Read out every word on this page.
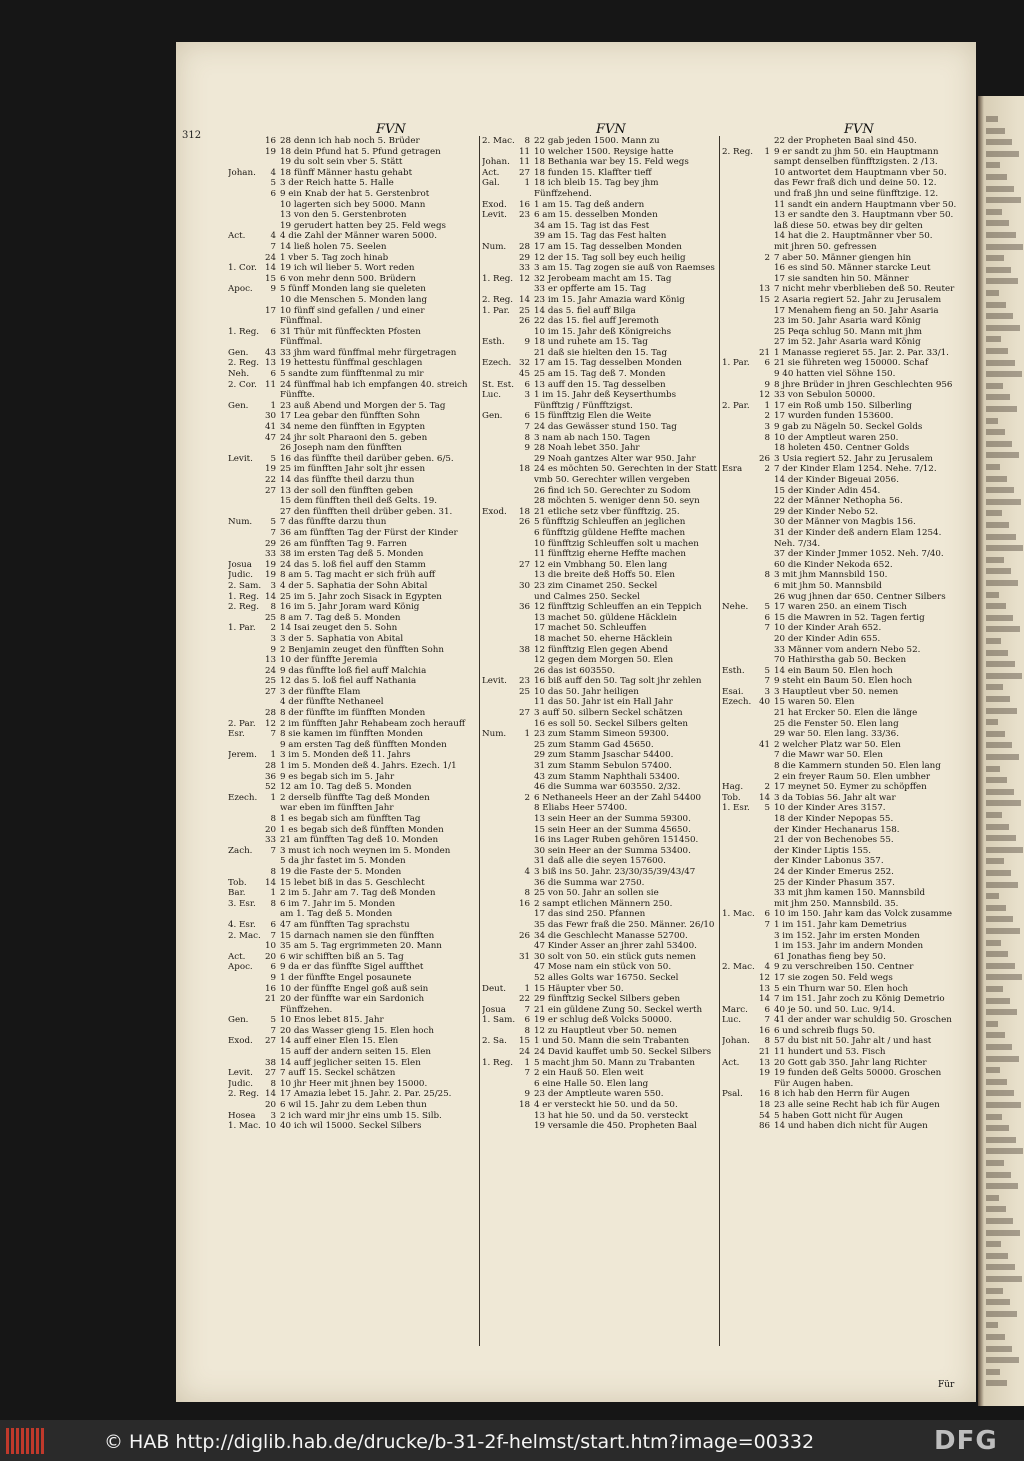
312	FVN	FVN	FVN
16 28 denn ich hab noch 5. Brüder
19 18 dein Pfund hat 5. Pfund getragen
19 du solt sein vber 5. Stätt
Johan.	4 18 fünff Männer hastu gehabt
5 3 der Reich hatte 5. Halle
6 9 ein Knab der hat 5. Gerstenbrot
10 lagerten sich bey 5000. Mann
13 von den 5. Gerstenbroten
19 gerudert hatten bey 25. Feld wegs
Act.	4 4 die Zahl der Männer waren 5000.
7 14 ließ holen 75. Seelen
24 1 vber 5. Tag zoch hinab
1. Cor. 14 19 ich wil lieber 5. Wort reden
15 6 von mehr denn 500. Brüdern
Apoc.	9 5 fünff Monden lang sie queleten
10 die Menschen 5. Monden lang
17 10 fünff sind gefallen / und einer
Fünffmal.
1. Reg.	6 31 Thür mit fünffeckten Pfosten
Fünffmal.
Gen.	43 33 jhm ward fünffmal mehr fürgetragen
2. Reg. 13 19 hettestu fünffmal geschlagen
Neh.	6 5 sandte zum fünfftenmal zu mir
2. Cor. 11 24 fünffmal hab ich empfangen 40. streich
Fünffte.
Gen.	1 23 auß Abend und Morgen der 5. Tag
30 17 Lea gebar den fünfften Sohn
41 34 neme den fünfften in Egypten
47 24 jhr solt Pharaoni den 5. geben
26 Joseph nam den fünfften
Levit.	5 16 das fünffte theil darüber geben. 6/5.
19 25 im fünfften Jahr solt jhr essen
22 14 das fünffte theil darzu thun
27 13 der soll den fünfften geben
15 dem fünfften theil deß Gelts. 19.
27 den fünfften theil drüber geben. 31.
Num.	5 7 das fünffte darzu thun
7 36 am fünfften Tag der Fürst der Kinder
29 26 am fünfften Tag 9. Farren
33 38 im ersten Tag deß 5. Monden
Josua	19 24 das 5. loß fiel auff den Stamm
Judic.	19 8 am 5. Tag macht er sich früh auff
2. Sam.	3 4 der 5. Saphatia der Sohn Abital
1. Reg. 14 25 im 5. Jahr zoch Sisack in Egypten
2. Reg.	8 16 im 5. Jahr Joram ward König
25 8 am 7. Tag deß 5. Monden
1. Par.	2 14 Isai zeuget den 5. Sohn
3 3 der 5. Saphatia von Abital
9 2 Benjamin zeuget den fünfften Sohn
13 10 der fünffte Jeremia
24 9 das fünffte loß fiel auff Malchia
25 12 das 5. loß fiel auff Nathania
27 3 der fünffte Elam
4 der fünffte Nethaneel
28 8 der fünffte im fünfften Monden
2. Par.	12 2 im fünfften Jahr Rehabeam zoch herauff
Esr.	7 8 sie kamen im fünfften Monden
9 am ersten Tag deß fünfften Monden
Jerem.	1 3 im 5. Monden deß 11. Jahrs
28 1 im 5. Monden deß 4. Jahrs. Ezech. 1/1
36 9 es begab sich im 5. Jahr
52 12 am 10. Tag deß 5. Monden
Ezech.	1 2 derselb fünffte Tag deß Monden
war eben im fünfften Jahr
8 1 es begab sich am fünfften Tag
20 1 es begab sich deß fünfften Monden
33 21 am fünfften Tag deß 10. Monden
Zach.	7 3 must ich noch weynen im 5. Monden
5 da jhr fastet im 5. Monden
8 19 die Faste der 5. Monden
Tob.	14 15 lebet biß in das 5. Geschlecht
Bar.	1 2 im 5. Jahr am 7. Tag deß Monden
3. Esr.	8 6 im 7. Jahr im 5. Monden
am 1. Tag deß 5. Monden
4. Esr.	6 47 am fünfften Tag sprachstu
2. Mac.	7 15 darnach namen sie den fünfften
10 35 am 5. Tag ergrimmeten 20. Mann
Act.	20 6 wir schifften biß an 5. Tag
Apoc.	6 9 da er das fünffte Sigel auffthet
9 1 der fünffte Engel posaunete
16 10 der fünffte Engel goß auß sein
21 20 der fünffte war ein Sardonich
Fünffzehen.
Gen.	5 10 Enos lebet 815. Jahr
7 20 das Wasser gieng 15. Elen hoch
Exod.	27 14 auff einer Elen 15. Elen
15 auff der andern seiten 15. Elen
38 14 auff jeglicher seiten 15. Elen
Levit.	27 7 auff 15. Seckel schätzen
Judic.	8 10 jhr Heer mit jhnen bey 15000.
2. Reg. 14 17 Amazia lebet 15. Jahr. 2. Par. 25/25.
20 6 wil 15. Jahr zu dem Leben thun
Hosea	3 2 ich ward mir jhr eins umb 15. Silb.
1. Mac. 10 40 ich wil 15000. Seckel Silbers
2. Mac.	8 22 gab jeden 1500. Mann zu
11 10 welcher 1500. Reysige hatte
Johan.	11 18 Bethania war bey 15. Feld wegs
Act.	27 18 funden 15. Klaffter tieff
Gal.	1 18 ich bleib 15. Tag bey jhm
Fünffzehend.
Exod.	16 1 am 15. Tag deß andern
Levit.	23 6 am 15. desselben Monden
34 am 15. Tag ist das Fest
39 am 15. Tag das Fest halten
Num.	28 17 am 15. Tag desselben Monden
29 12 der 15. Tag soll bey euch heilig
33 3 am 15. Tag zogen sie auß von Raemses
1. Reg. 12 32 Jerobeam macht am 15. Tag
33 er opfferte am 15. Tag
2. Reg. 14 23 im 15. Jahr Amazia ward König
1. Par.	25 14 das 5. fiel auff Bilga
26 22 das 15. fiel auff Jeremoth
10 im 15. Jahr deß Königreichs
Esth.	9 18 und ruhete am 15. Tag
21 daß sie hielten den 15. Tag
Ezech. 32 17 am 15. Tag desselben Monden
45 25 am 15. Tag deß 7. Monden
St. Est.	6 13 auff den 15. Tag desselben
Luc.	3 1 im 15. Jahr deß Keyserthumbs
Fünfftzig / Fünfftzigst.
Gen.	6 15 fünfftzig Elen die Weite
7 24 das Gewässer stund 150. Tag
8 3 nam ab nach 150. Tagen
9 28 Noah lebet 350. Jahr
29 Noah gantzes Alter war 950. Jahr
18 24 es möchten 50. Gerechten in der Statt
vmb 50. Gerechter willen vergeben
26 find ich 50. Gerechter zu Sodom
28 möchten 5. weniger denn 50. seyn
Exod.	18 21 etliche setz vber fünfftzig. 25.
26 5 fünfftzig Schleuffen an jeglichen
6 fünfftzig güldene Heffte machen
10 fünfftzig Schleuffen solt u machen
11 fünfftzig eherne Heffte machen
27 12 ein Vmbhang 50. Elen lang
13 die breite deß Hoffs 50. Elen
30 23 zim Cinamet 250. Seckel
und Calmes 250. Seckel
36 12 fünfftzig Schleuffen an ein Teppich
13 machet 50. güldene Häcklein
17 machet 50. Schleuffen
18 machet 50. eherne Häcklein
38 12 fünfftzig Elen gegen Abend
12 gegen dem Morgen 50. Elen
26 das ist 603550.
Levit.	23 16 biß auff den 50. Tag solt jhr zehlen
25 10 das 50. Jahr heiligen
11 das 50. Jahr ist ein Hall Jahr
27 3 auff 50. silbern Seckel schätzen
16 es soll 50. Seckel Silbers gelten
Num.	1 23 zum Stamm Simeon 59300.
25 zum Stamm Gad 45650.
29 zum Stamm Jsaschar 54400.
31 zum Stamm Sebulon 57400.
43 zum Stamm Naphthali 53400.
46 die Summa war 603550. 2/32.
2 6 Nethaneels Heer an der Zahl 54400
8 Eliabs Heer 57400.
13 sein Heer an der Summa 59300.
15 sein Heer an der Summa 45650.
16 ins Lager Ruben gehören 151450.
30 sein Heer an der Summa 53400.
31 daß alle die seyen 157600.
4 3 biß ins 50. Jahr. 23/30/35/39/43/47
36 die Summa war 2750.
8 25 von 50. Jahr an sollen sie
16 2 sampt etlichen Männern 250.
17 das sind 250. Pfannen
35 das Fewr fraß die 250. Männer. 26/10
26 34 die Geschlecht Manasse 52700.
47 Kinder Asser an jhrer zahl 53400.
31 30 solt von 50. ein stück guts nemen
47 Mose nam ein stück von 50.
52 alles Golts war 16750. Seckel
Deut.	1 15 Häupter vber 50.
22 29 fünfftzig Seckel Silbers geben
Josua	7 21 ein güldene Zung 50. Seckel werth
1. Sam.	6 19 er schlug deß Volcks 50000.
8 12 zu Hauptleut vber 50. nemen
2. Sa.	15 1 und 50. Mann die sein Trabanten
24 24 David kauffet umb 50. Seckel Silbers
1. Reg.	1 5 macht jhm 50. Mann zu Trabanten
7 2 ein Hauß 50. Elen weit
6 eine Halle 50. Elen lang
9 23 der Amptleute waren 550.
18 4 er versteckt hie 50. und da 50.
13 hat hie 50. und da 50. versteckt
19 versamle die 450. Propheten Baal
22 der Propheten Baal sind 450.
2. Reg.	1 9 er sandt zu jhm 50. ein Hauptmann
sampt denselben fünfftzigsten. 2 /13.
10 antwortet dem Hauptmann vber 50.
das Fewr fraß dich und deine 50. 12.
und fraß jhn und seine fünfftzige. 12.
11 sandt ein andern Hauptmann vber 50.
13 er sandte den 3. Hauptmann vber 50.
laß diese 50. etwas bey dir gelten
14 hat die 2. Hauptmänner vber 50.
mit jhren 50. gefressen
2 7 aber 50. Männer giengen hin
16 es sind 50. Männer starcke Leut
17 sie sandten hin 50. Männer
13 7 nicht mehr vberblieben deß 50. Reuter
15 2 Asaria regiert 52. Jahr zu Jerusalem
17 Menahem fieng an 50. Jahr Asaria
23 im 50. Jahr Asaria ward König
25 Peqa schlug 50. Mann mit jhm
27 im 52. Jahr Asaria ward König
21 1 Manasse regieret 55. Jar. 2. Par. 33/1.
1. Par.	6 21 sie führeten weg 150000. Schaf
9 40 hatten viel Söhne 150.
9 8 jhre Brüder in jhren Geschlechten 956
12 33 von Sebulon 50000.
2. Par.	1 17 ein Roß umb 150. Silberling
2 17 wurden funden 153600.
3 9 gab zu Nägeln 50. Seckel Golds
8 10 der Amptleut waren 250.
18 holeten 450. Centner Golds
26 3 Usia regiert 52. Jahr zu Jerusalem
Esra	2 7 der Kinder Elam 1254. Nehe. 7/12.
14 der Kinder Bigeuai 2056.
15 der Kinder Adin 454.
22 der Männer Nethopha 56.
29 der Kinder Nebo 52.
30 der Männer von Magbis 156.
31 der Kinder deß andern Elam 1254.
Neh. 7/34.
37 der Kinder Jmmer 1052. Neh. 7/40.
60 die Kinder Nekoda 652.
8 3 mit jhm Mannsbild 150.
6 mit jhm 50. Mannsbild
26 wug jhnen dar 650. Centner Silbers
Nehe.	5 17 waren 250. an einem Tisch
6 15 die Mawren in 52. Tagen fertig
7 10 der Kinder Arah 652.
20 der Kinder Adin 655.
33 Männer vom andern Nebo 52.
70 Hathirstha gab 50. Becken
Esth.	5 14 ein Baum 50. Elen hoch
7 9 steht ein Baum 50. Elen hoch
Esai.	3 3 Hauptleut vber 50. nemen
Ezech. 40 15 waren 50. Elen
21 hat Ercker 50. Elen die länge
25 die Fenster 50. Elen lang
29 war 50. Elen lang. 33/36.
41 2 welcher Platz war 50. Elen
7 die Mawr war 50. Elen
8 die Kammern stunden 50. Elen lang
2 ein freyer Raum 50. Elen umbher
Hag.	2 17 meynet 50. Eymer zu schöpffen
Tob.	14 3 da Tobias 56. Jahr alt war
1. Esr.	5 10 der Kinder Ares 3157.
18 der Kinder Nepopas 55.
der Kinder Hechanarus 158.
21 der von Bechenobes 55.
der Kinder Liptis 155.
der Kinder Labonus 357.
24 der Kinder Emerus 252.
25 der Kinder Phasum 357.
33 mit jhm kamen 150. Mannsbild
mit jhm 250. Mannsbild. 35.
1. Mac.	6 10 im 150. Jahr kam das Volck zusamme
7 1 im 151. Jahr kam Demetrius
3 im 152. Jahr im ersten Monden
1 im 153. Jahr im andern Monden
61 Jonathas fieng bey 50.
2. Mac.	4 9 zu verschreiben 150. Centner
12 17 sie zogen 50. Feld wegs
13 5 ein Thurn war 50. Elen hoch
14 7 im 151. Jahr zoch zu König Demetrio
Marc.	6 40 je 50. und 50. Luc. 9/14.
Luc.	7 41 der ander war schuldig 50. Groschen
16 6 und schreib flugs 50.
Johan.	8 57 du bist nit 50. Jahr alt / und hast
21 11 hundert und 53. Fisch
Act.	13 20 Gott gab 350. Jahr lang Richter
19 19 funden deß Gelts 50000. Groschen
Für Augen haben.
Psal.	16 8 ich hab den Herrn für Augen
18 23 alle seine Recht hab ich für Augen
54 5 haben Gott nicht für Augen
86 14 und haben dich nicht für Augen
Für
© HAB http://diglib.hab.de/drucke/b-31-2f-helmst/start.htm?image=00332	DFG
